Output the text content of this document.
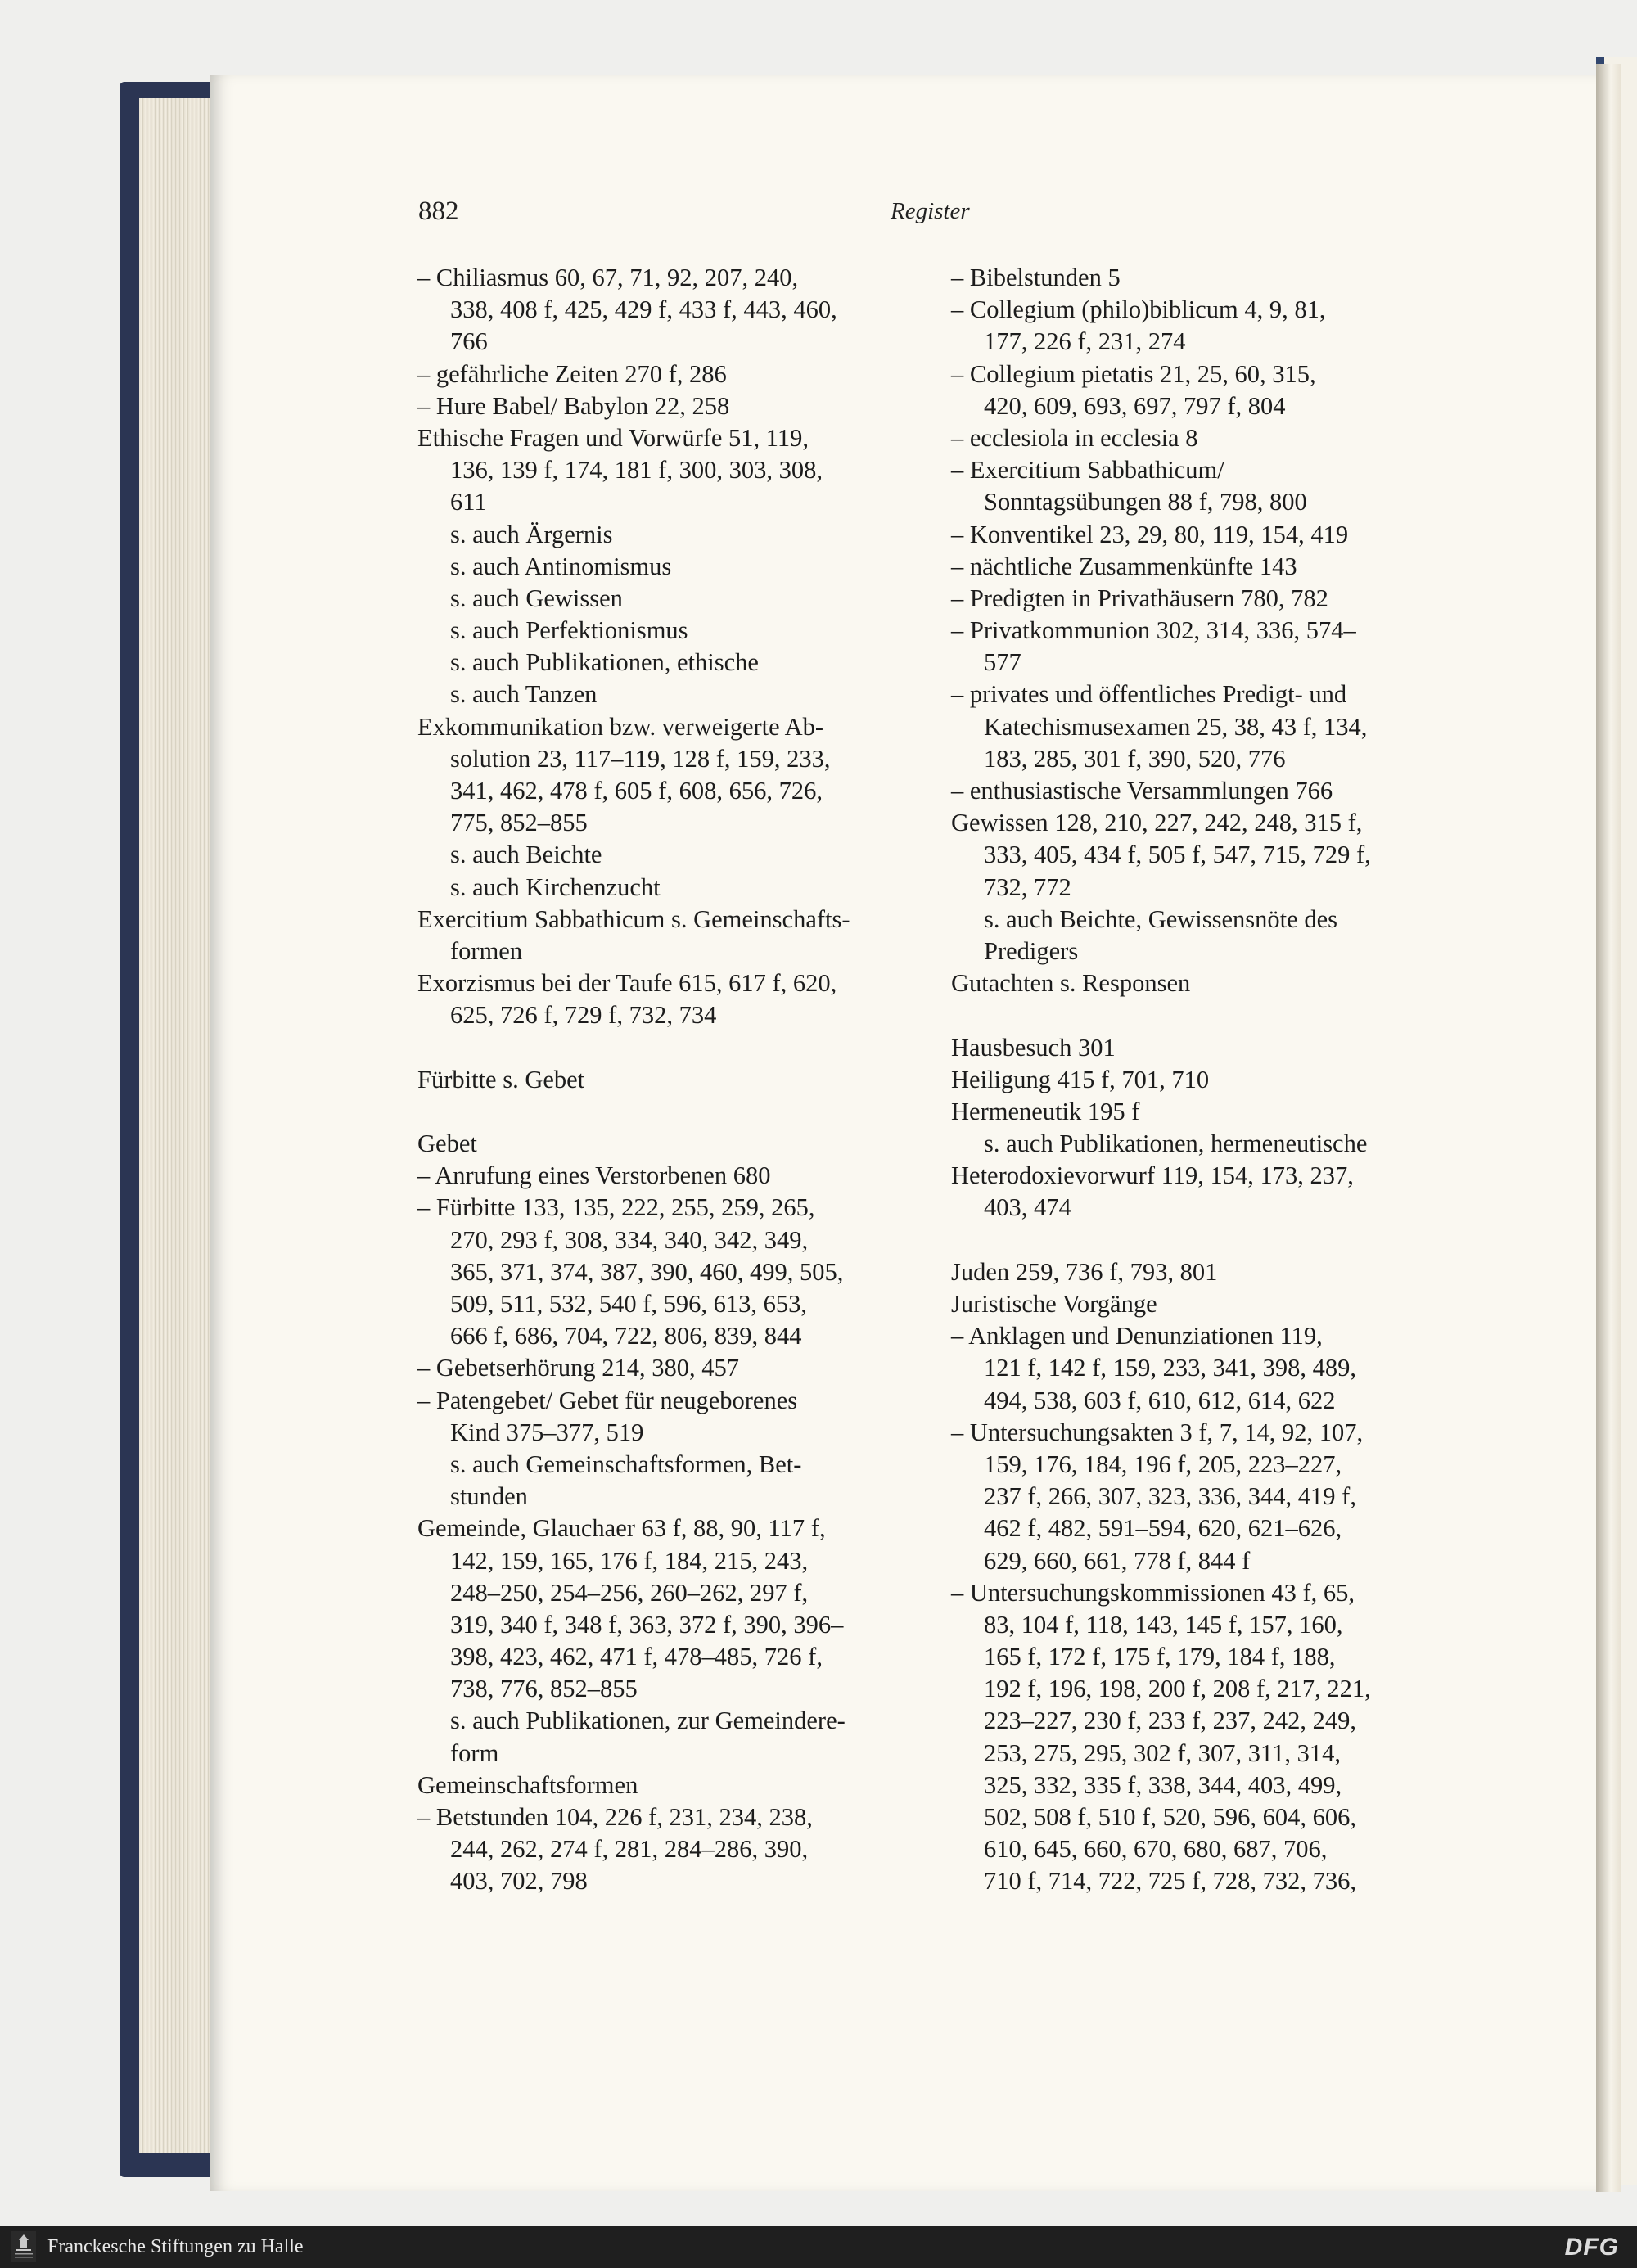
882	Register
– Chiliasmus 60, 67, 71, 92, 207, 240,
338, 408 f, 425, 429 f, 433 f, 443, 460,
766
– gefährliche Zeiten 270 f, 286
– Hure Babel/ Babylon 22, 258
Ethische Fragen und Vorwürfe 51, 119,
136, 139 f, 174, 181 f, 300, 303, 308,
611
s. auch Ärgernis
s. auch Antinomismus
s. auch Gewissen
s. auch Perfektionismus
s. auch Publikationen, ethische
s. auch Tanzen
Exkommunikation bzw. verweigerte Ab-
solution 23, 117–119, 128 f, 159, 233,
341, 462, 478 f, 605 f, 608, 656, 726,
775, 852–855
s. auch Beichte
s. auch Kirchenzucht
Exercitium Sabbathicum s. Gemeinschafts-
formen
Exorzismus bei der Taufe 615, 617 f, 620,
625, 726 f, 729 f, 732, 734
Fürbitte s. Gebet
Gebet
– Anrufung eines Verstorbenen 680
– Fürbitte 133, 135, 222, 255, 259, 265,
270, 293 f, 308, 334, 340, 342, 349,
365, 371, 374, 387, 390, 460, 499, 505,
509, 511, 532, 540 f, 596, 613, 653,
666 f, 686, 704, 722, 806, 839, 844
– Gebetserhörung 214, 380, 457
– Patengebet/ Gebet für neugeborenes
Kind 375–377, 519
s. auch Gemeinschaftsformen, Bet-
stunden
Gemeinde, Glauchaer 63 f, 88, 90, 117 f,
142, 159, 165, 176 f, 184, 215, 243,
248–250, 254–256, 260–262, 297 f,
319, 340 f, 348 f, 363, 372 f, 390, 396–
398, 423, 462, 471 f, 478–485, 726 f,
738, 776, 852–855
s. auch Publikationen, zur Gemeindere-
form
Gemeinschaftsformen
– Betstunden 104, 226 f, 231, 234, 238,
244, 262, 274 f, 281, 284–286, 390,
403, 702, 798
– Bibelstunden 5
– Collegium (philo)biblicum 4, 9, 81,
177, 226 f, 231, 274
– Collegium pietatis 21, 25, 60, 315,
420, 609, 693, 697, 797 f, 804
– ecclesiola in ecclesia 8
– Exercitium Sabbathicum/
Sonntagsübungen 88 f, 798, 800
– Konventikel 23, 29, 80, 119, 154, 419
– nächtliche Zusammenkünfte 143
– Predigten in Privathäusern 780, 782
– Privatkommunion 302, 314, 336, 574–
577
– privates und öffentliches Predigt- und
Katechismusexamen 25, 38, 43 f, 134,
183, 285, 301 f, 390, 520, 776
– enthusiastische Versammlungen 766
Gewissen 128, 210, 227, 242, 248, 315 f,
333, 405, 434 f, 505 f, 547, 715, 729 f,
732, 772
s. auch Beichte, Gewissensnöte des
Predigers
Gutachten s. Responsen
Hausbesuch 301
Heiligung 415 f, 701, 710
Hermeneutik 195 f
s. auch Publikationen, hermeneutische
Heterodoxievorwurf 119, 154, 173, 237,
403, 474
Juden 259, 736 f, 793, 801
Juristische Vorgänge
– Anklagen und Denunziationen 119,
121 f, 142 f, 159, 233, 341, 398, 489,
494, 538, 603 f, 610, 612, 614, 622
– Untersuchungsakten 3 f, 7, 14, 92, 107,
159, 176, 184, 196 f, 205, 223–227,
237 f, 266, 307, 323, 336, 344, 419 f,
462 f, 482, 591–594, 620, 621–626,
629, 660, 661, 778 f, 844 f
– Untersuchungskommissionen 43 f, 65,
83, 104 f, 118, 143, 145 f, 157, 160,
165 f, 172 f, 175 f, 179, 184 f, 188,
192 f, 196, 198, 200 f, 208 f, 217, 221,
223–227, 230 f, 233 f, 237, 242, 249,
253, 275, 295, 302 f, 307, 311, 314,
325, 332, 335 f, 338, 344, 403, 499,
502, 508 f, 510 f, 520, 596, 604, 606,
610, 645, 660, 670, 680, 687, 706,
710 f, 714, 722, 725 f, 728, 732, 736,
Franckesche Stiftungen zu Halle	DFG
